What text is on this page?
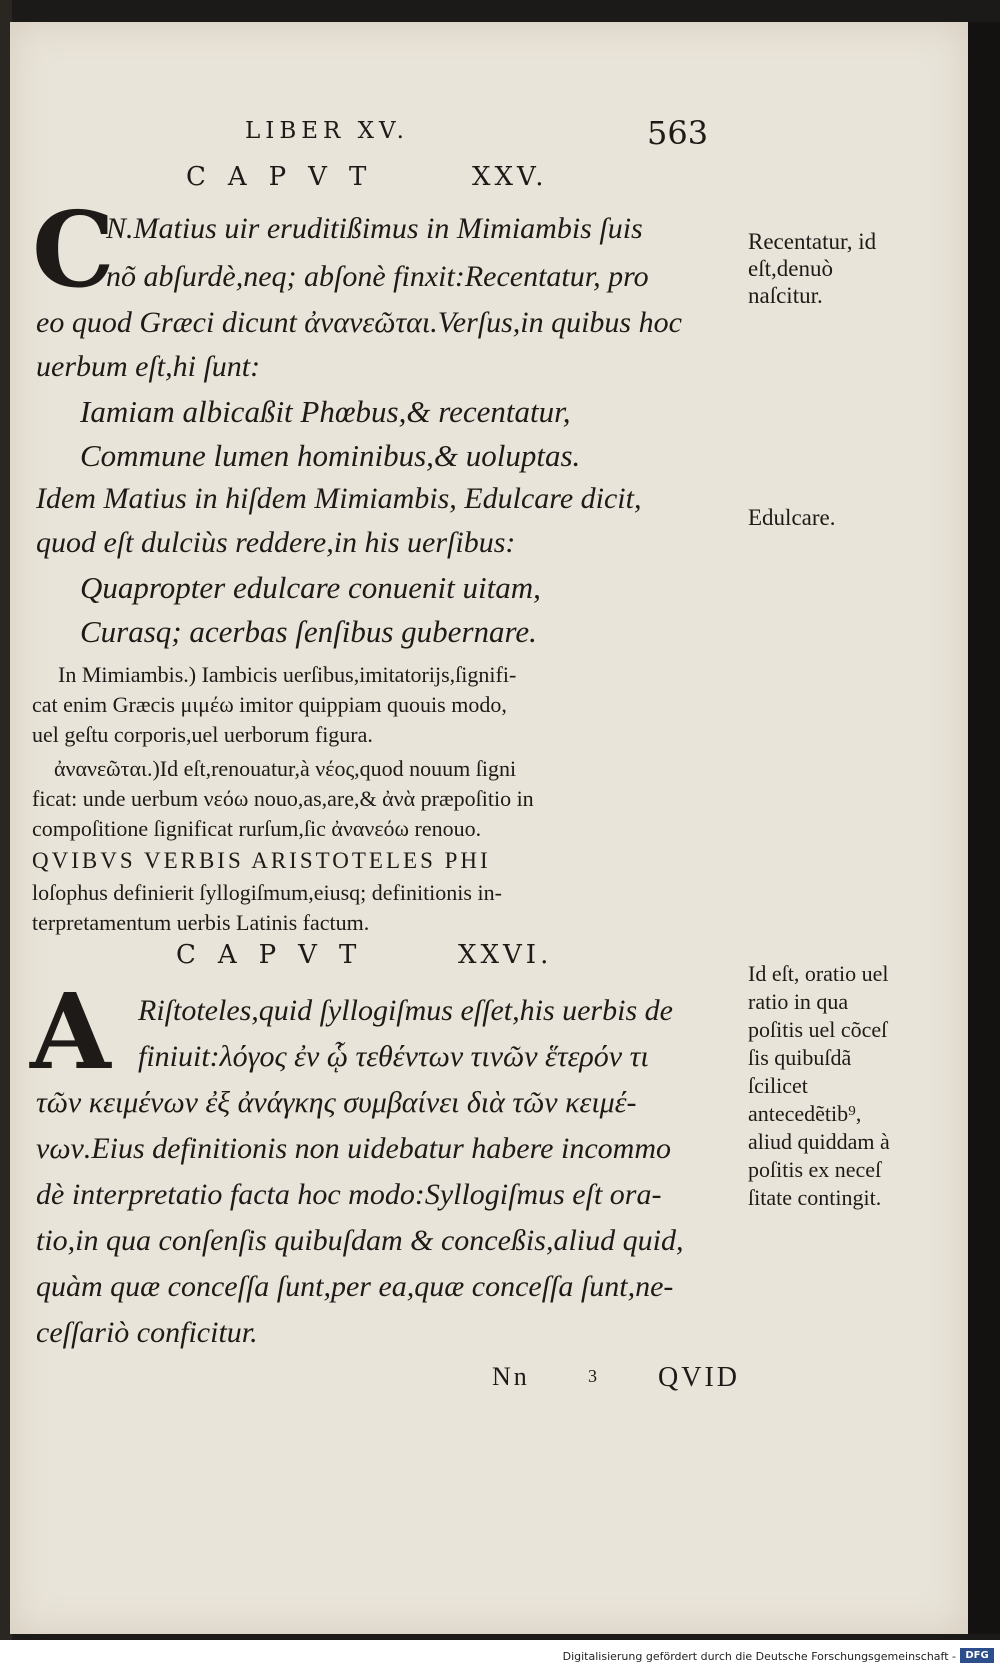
LIBER XV.	563
CAPVT	XXV.
C
N.Matius uir eruditißimus in Mimiambis ſuis
nõ abſurdè,neq; abſonè finxit:Recentatur, pro
eo quod Græci dicunt ἀνανεῶται.Verſus,in quibus hoc
uerbum eſt,hi ſunt:
Iamiam albicaßit Phœbus,& recentatur,
Commune lumen hominibus,& uoluptas.
Idem Matius in hiſdem Mimiambis, Edulcare dicit,
quod eſt dulciùs reddere,in his uerſibus:
Quapropter edulcare conuenit uitam,
Curasq; acerbas ſenſibus gubernare.
In Mimiambis.) Iambicis uerſibus,imitatorijs,ſignifi-
cat enim Græcis μιμέω imitor quippiam quouis modo,
uel geſtu corporis,uel uerborum figura.
ἀνανεῶται.)Id eſt,renouatur,à νέος,quod nouum ſigni
ficat: unde uerbum νεόω nouo,as,are,& ἀνὰ præpoſitio in
compoſitione ſignificat rurſum,ſic ἀνανεόω renouo.
QVIBVS VERBIS ARISTOTELES PHI
loſophus definierit ſyllogiſmum,eiusq; definitionis in-
terpretamentum uerbis Latinis factum.
CAPVT	XXVI.
A Riſtoteles,quid ſyllogiſmus eſſet,his uerbis de
finiuit:λόγος ἐν ᾧ τεθέντων τινῶν ἕτερόν τι
τῶν κειμένων ἐξ ἀνάγκης συμβαίνει διὰ τῶν κειμέ-
νων.Eius definitionis non uidebatur habere incommo
dè interpretatio facta hoc modo:Syllogiſmus eſt ora-
tio,in qua conſenſis quibuſdam & conceßis,aliud quid,
quàm quæ conceſſa ſunt,per ea,quæ conceſſa ſunt,ne-
ceſſariò conficitur.
Nn	3 QVID
Recentatur, id eſt,denuò naſcitur.
Edulcare.
Id eſt, oratio uel ratio in qua poſitis uel cõceſ ſis quibuſdã ſcilicet antecedẽtib⁹, aliud quiddam à poſitis ex neceſ ſitate contingit.
Digitalisierung gefördert durch die Deutsche Forschungsgemeinschaft - DFG
